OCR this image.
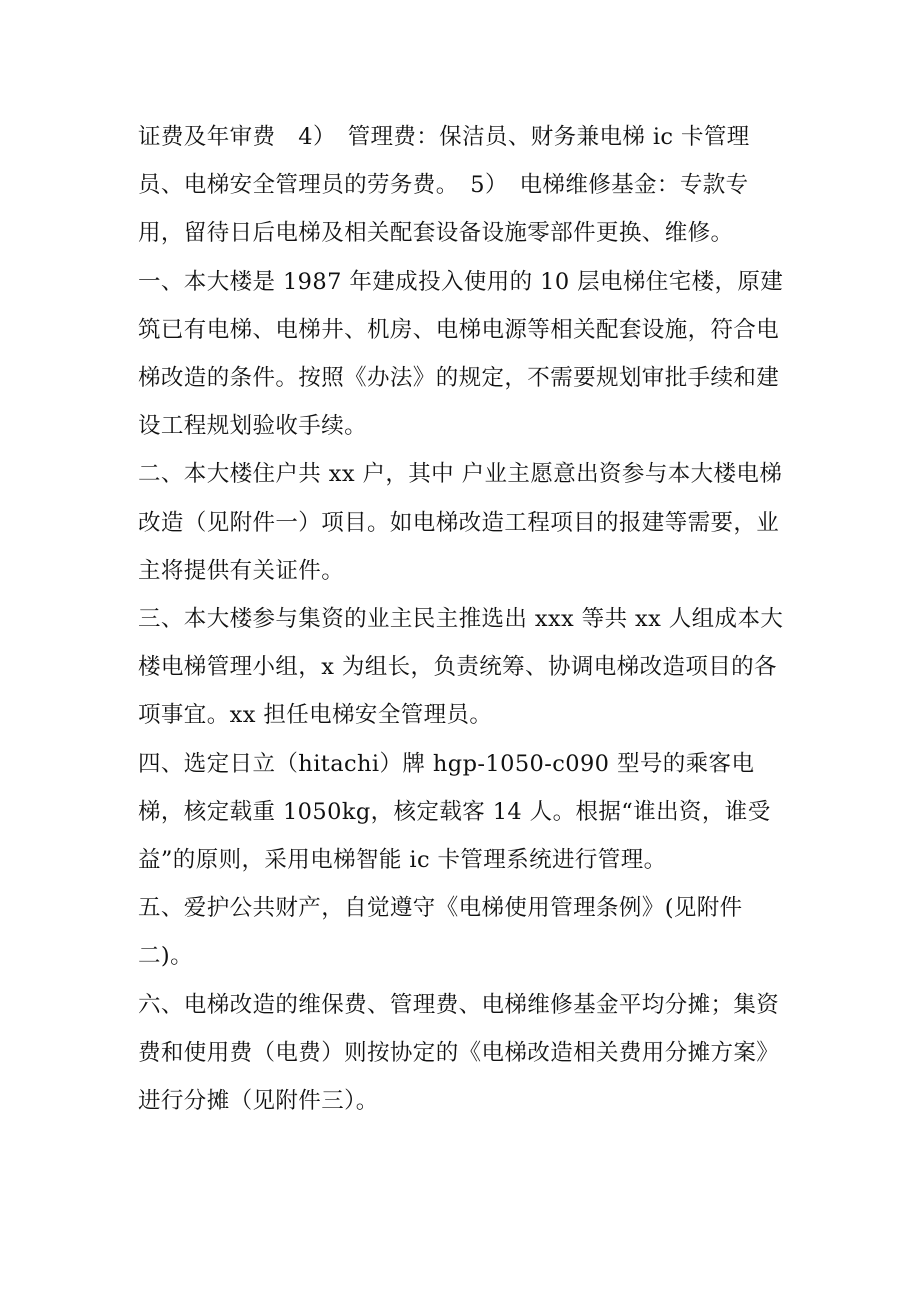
证费及年审费　4）　管理费：保洁员、财务兼电梯 ic 卡管理员、电梯安全管理员的劳务费。　5）　电梯维修基金：专款专用，留待日后电梯及相关配套设备设施零部件更换、维修。

一、本大楼是 1987 年建成投入使用的 10 层电梯住宅楼，原建筑已有电梯、电梯井、机房、电梯电源等相关配套设施，符合电梯改造的条件。按照《办法》的规定，不需要规划审批手续和建设工程规划验收手续。

二、本大楼住户共 xx 户，其中 户业主愿意出资参与本大楼电梯改造（见附件一）项目。如电梯改造工程项目的报建等需要，业主将提供有关证件。

三、本大楼参与集资的业主民主推选出 xxx 等共 xx 人组成本大楼电梯管理小组，x 为组长，负责统筹、协调电梯改造项目的各项事宜。xx 担任电梯安全管理员。

四、选定日立（hitachi）牌 hgp-1050-c090 型号的乘客电梯，核定载重 1050kg，核定载客 14 人。根据“谁出资，谁受益”的原则，采用电梯智能 ic 卡管理系统进行管理。

五、爱护公共财产，自觉遵守《电梯使用管理条例》(见附件二)。

六、电梯改造的维保费、管理费、电梯维修基金平均分摊；集资费和使用费（电费）则按协定的《电梯改造相关费用分摊方案》进行分摊（见附件三）。
